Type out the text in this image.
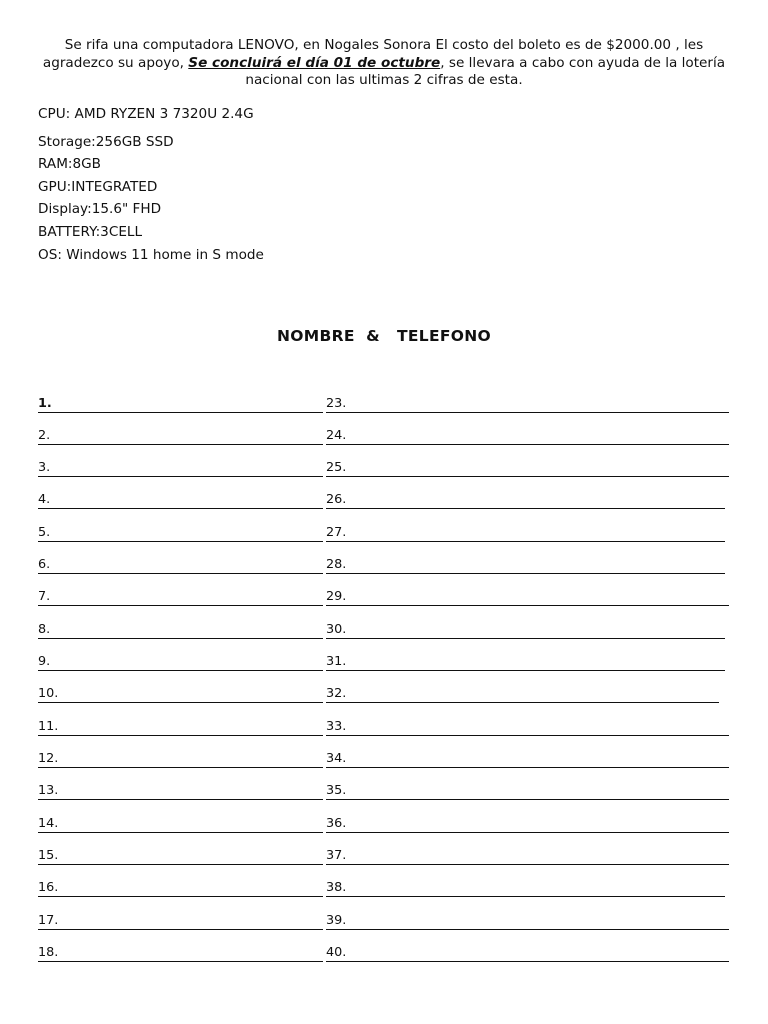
Se rifa una computadora LENOVO, en Nogales Sonora El costo del boleto es de $2000.00 , les agradezco su apoyo, Se concluirá el día 01 de octubre, se llevara a cabo con ayuda de la lotería nacional con las ultimas 2 cifras de esta.

CPU: AMD RYZEN 3 7320U 2.4G
Storage:256GB SSD
RAM:8GB
GPU:INTEGRATED
Display:15.6" FHD
BATTERY:3CELL
OS: Windows 11 home in S mode
NOMBRE  &   TELEFONO
1.
2.
3.
4.
5.
6.
7.
8.
9.
10.
11.
12.
13.
14.
15.
16.
17.
18.
23.
24.
25.
26.
27.
28.
29.
30.
31.
32.
33.
34.
35.
36.
37.
38.
39.
40.
